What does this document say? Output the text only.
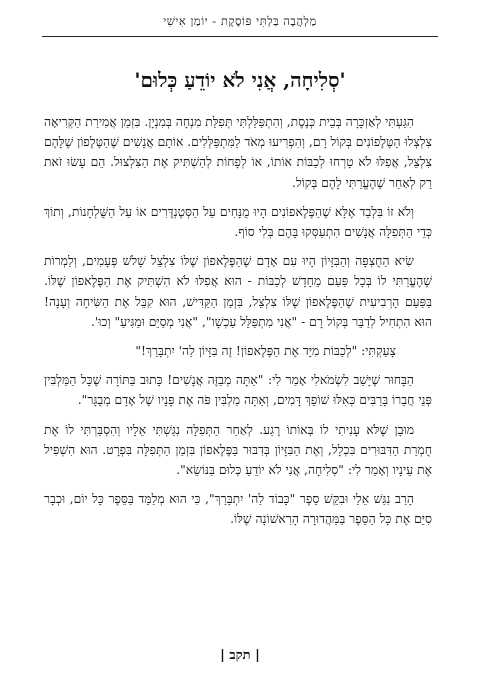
מַלְהֲבָה בַּלְתִּי פּוֹסֶקֶת - יוֹמַן אִישִׁי
'סְלִיחָה, אֲנִי לֹא יוֹדֵעַ כְּלוּם'

הִגַּעְתִּי לְאַזְכָּרָה בְּבֵית כְּנֶסֶת, וְהִתְפַּלַּלְתִּי תְּפִלַּת מִנְחָה בְּמִנְיָן. בִּזְמַן אֲמִירַת הַקְּרִיאָה צִלְצְלוּ הַטֶּלֶפוֹנִים בְּקוֹל רָם, וְהִפְרִיעוּ מְאֹד לַמִּתְפַּלְּלִים. אוֹתָם אֲנָשִׁים שֶׁהַטֶּלֶפוֹן שֶׁלָּהֶם צִלְצֵל, אֲפִלּוּ לֹא טָרְחוּ לְכַבּוֹת אוֹתוֹ, אוֹ לְפָחוֹת לְהַשְׁתִּיק אֶת הַצִּלְצוּל. הֵם עָשׂוּ זֹאת רַק לְאַחַר שֶׁהֶעֱרַתִּי לָהֶם בְּקוֹל.

וְלֹא זוֹ בִּלְבַד אֶלָּא שֶׁהַפֶּלֶאפוֹנִים הָיוּ מֻנָּחִים עַל הַסְּטֶנְדֶּרִים אוֹ עַל הַשֻּׁלְחָנוֹת, וְתוֹךְ כְּדֵי הַתְּפִלָּה אֲנָשִׁים הִתְעַסְּקוּ בָּהֶם בְּלִי סוֹף.

שִׂיא הַחֻצְפָּה וְהַבִּזָּיוֹן הָיוּ עִם אָדָם שֶׁהַפֶּלֶאפוֹן שֶׁלּוֹ צִלְצֵל שָׁלֹשׁ פְּעָמִים, וְלַמְרוֹת שֶׁהֶעֱרַתִּי לוֹ בְּכָל פַּעַם מֵחָדָשׁ לְכַבּוֹת - הוּא אֲפִלּוּ לֹא הִשְׁתִּיק אֶת הַפֶּלֶאפוֹן שֶׁלּוֹ. בַּפַּעַם הָרְבִיעִית שֶׁהַפֶּלֶאפוֹן שֶׁלּוֹ צִלְצֵל, בִּזְמַן הַקַּדִּישׁ, הוּא קִבֵּל אֶת הַשִּׂיחָה וְעָנָה! הוּא הִתְחִיל לְדַבֵּר בְּקוֹל רָם - "אֲנִי מִתְפַּלֵּל עַכְשָׁו", "אֲנִי מְסַיֵּם וּמַגִּיעַ" וְכוּ'.

צָעַקְתִּי: "לְכַבּוֹת מִיָּד אֶת הַפֶּלֶאפוֹן! זֶה בִּזָּיוֹן לַה' יִתְבָּרַךְ!"

הַבָּחוּר שֶׁיָּשַׁב לִשְׂמֹאלִי אָמַר לִי: "אַתָּה מְבַזֶּה אֲנָשִׁים! כָּתוּב בַּתּוֹרָה שֶׁכָּל הַמַּלְבִּין פְּנֵי חֲבֵרוֹ בָּרַבִּים כְּאִלּוּ שׁוֹפֵךְ דָּמִים, וְאַתָּה מַלְבִּין פֹּה אֶת פָּנָיו שֶׁל אָדָם מְבֻגָּר".

מוּבָן שֶׁלֹּא עָנִיתִי לוֹ בְּאוֹתוֹ רֶגַע. לְאַחַר הַתְּפִלָּה נִגַּשְׁתִּי אֵלָיו וְהִסְבַּרְתִּי לוֹ אֶת חֻמְרַת הַדִּבּוּרִים בִּכְלָל, וְאֶת הַבִּזָּיוֹן בְּדִבּוּר בַּפֶּלֶאפוֹן בִּזְמַן הַתְּפִלָּה בִּפְרָט. הוּא הִשְׁפִּיל אֶת עֵינָיו וְאָמַר לִי: "סְלִיחָה, אֲנִי לֹא יוֹדֵעַ כְּלוּם בַּנּוֹשֵׂא".

הָרַב נִגַּשׁ אֵלַי וּבִקֵּשׁ סֵפֶר "כָּבוֹד לַה' יִתְבָּרַךְ", כִּי הוּא מְלַמֵּד בַּסֵּפֶר כָּל יוֹם, וּכְבָר סִיֵּם אֶת כָּל הַסֵּפֶר בַּמַּהֲדוּרָה הָרִאשׁוֹנָה שֶׁלּוֹ.

| תקב |
